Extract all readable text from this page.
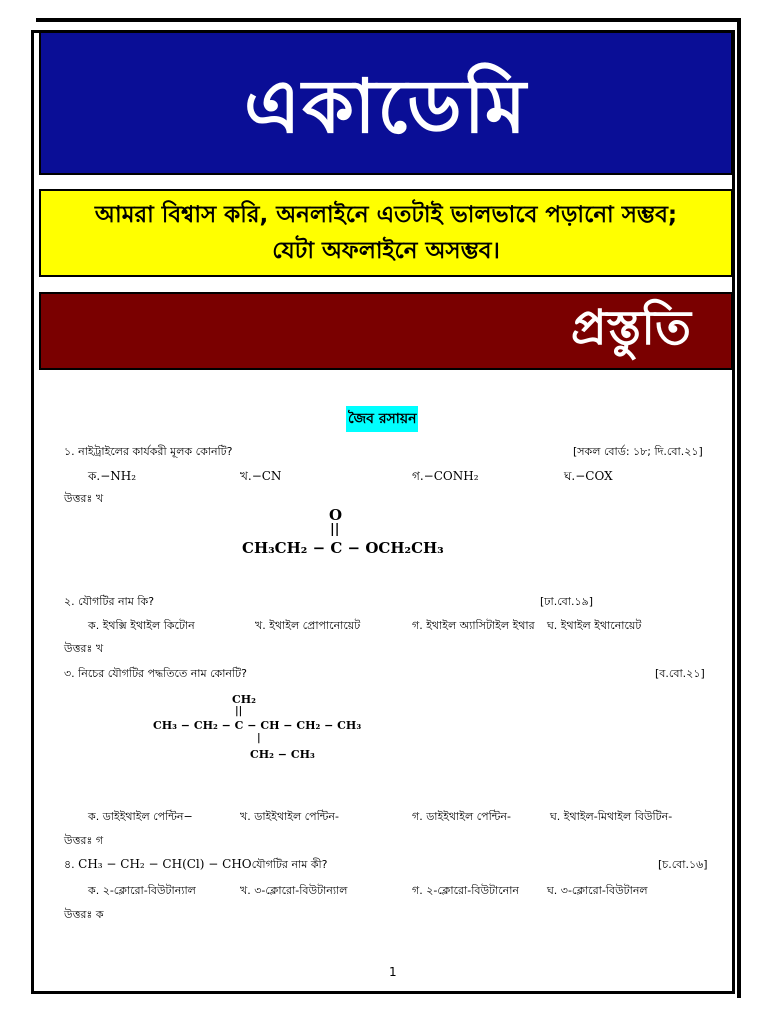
একাডেমি
আমরা বিশ্বাস করি, অনলাইনে এতটাই ভালভাবে পড়ানো সম্ভব;
যেটা অফলাইনে অসম্ভব।
প্রস্তুতি
জৈব রসায়ন
১. নাইট্রাইলের কার্যকরী মূলক কোনটি?	[সকল বোর্ড: ১৮; দি.বো.২১]
ক.−NH₂	খ.−CN	গ.−CONH₂	ঘ.−COX
উত্তরঃ খ
O
||
CH₃CH₂ − C − OCH₂CH₃
২. যৌগটির নাম কি?	[ঢা.বো.১৯]
ক. ইথক্সি ইথাইল কিটোন	খ. ইথাইল প্রোপানোয়েট	গ. ইথাইল অ্যাসিটাইল ইথার ঘ. ইথাইল ইথানোয়েট
উত্তরঃ খ
৩. নিচের যৌগটির পদ্ধতিতে নাম কোনটি?	[ব.বো.২১]
CH₂
||
CH₃ − CH₂ − C − CH − CH₂ − CH₃
|
CH₂ − CH₃
ক. ডাইইথাইল পেন্টিন−	খ. ডাইইথাইল পেন্টিন-	গ. ডাইইথাইল পেন্টিন-	ঘ. ইথাইল-মিথাইল বিউটিন-
উত্তরঃ গ
৪. CH₃ − CH₂ − CH(Cl) − CHOযৌগটির নাম কী?	[চ.বো.১৬]
ক. ২-ক্লোরো-বিউটান্যাল	খ. ৩-ক্লোরো-বিউটান্যাল	গ. ২-ক্লোরো-বিউটানোন	ঘ. ৩-ক্লোরো-বিউটানল
উত্তরঃ ক
1
